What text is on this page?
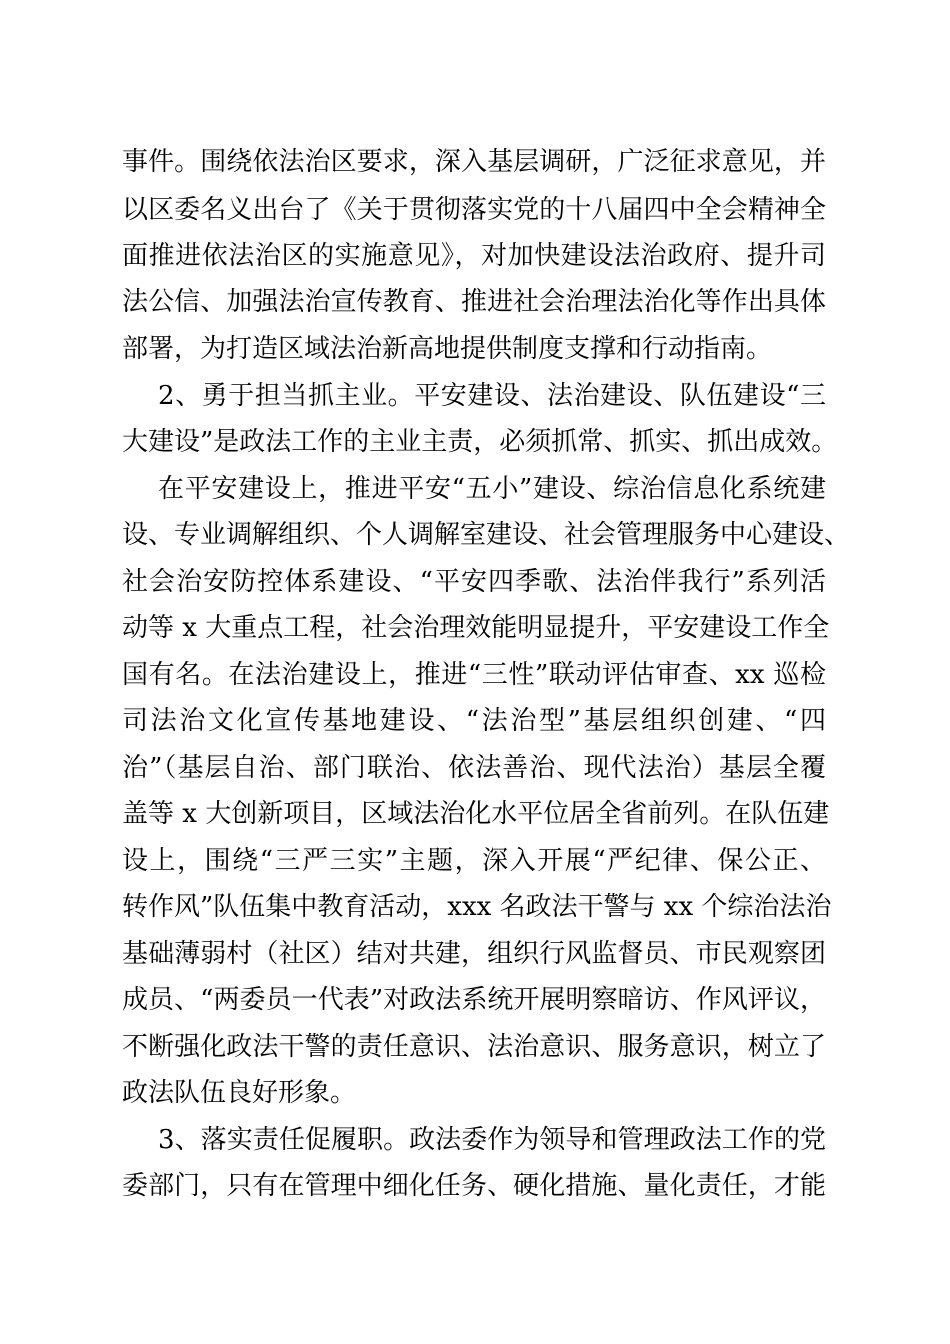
事件。围绕依法治区要求，深入基层调研，广泛征求意见，并
以区委名义出台了《关于贯彻落实党的十八届四中全会精神全
面推进依法治区的实施意见》，对加快建设法治政府、提升司
法公信、加强法治宣传教育、推进社会治理法治化等作出具体
部署，为打造区域法治新高地提供制度支撑和行动指南。
2、勇于担当抓主业。平安建设、法治建设、队伍建设“三
大建设”是政法工作的主业主责，必须抓常、抓实、抓出成效。
在平安建设上，推进平安“五小”建设、综治信息化系统建
设、专业调解组织、个人调解室建设、社会管理服务中心建设、
社会治安防控体系建设、“平安四季歌、法治伴我行”系列活
动等 x 大重点工程，社会治理效能明显提升，平安建设工作全
国有名。在法治建设上，推进“三性”联动评估审查、xx 巡检
司法治文化宣传基地建设、“法治型”基层组织创建、“四
治”（基层自治、部门联治、依法善治、现代法治）基层全覆
盖等 x 大创新项目，区域法治化水平位居全省前列。在队伍建
设上，围绕“三严三实”主题，深入开展“严纪律、保公正、
转作风”队伍集中教育活动，xxx 名政法干警与 xx 个综治法治
基础薄弱村（社区）结对共建，组织行风监督员、市民观察团
成员、“两委员一代表”对政法系统开展明察暗访、作风评议，
不断强化政法干警的责任意识、法治意识、服务意识，树立了
政法队伍良好形象。
3、落实责任促履职。政法委作为领导和管理政法工作的党
委部门，只有在管理中细化任务、硬化措施、量化责任，才能
